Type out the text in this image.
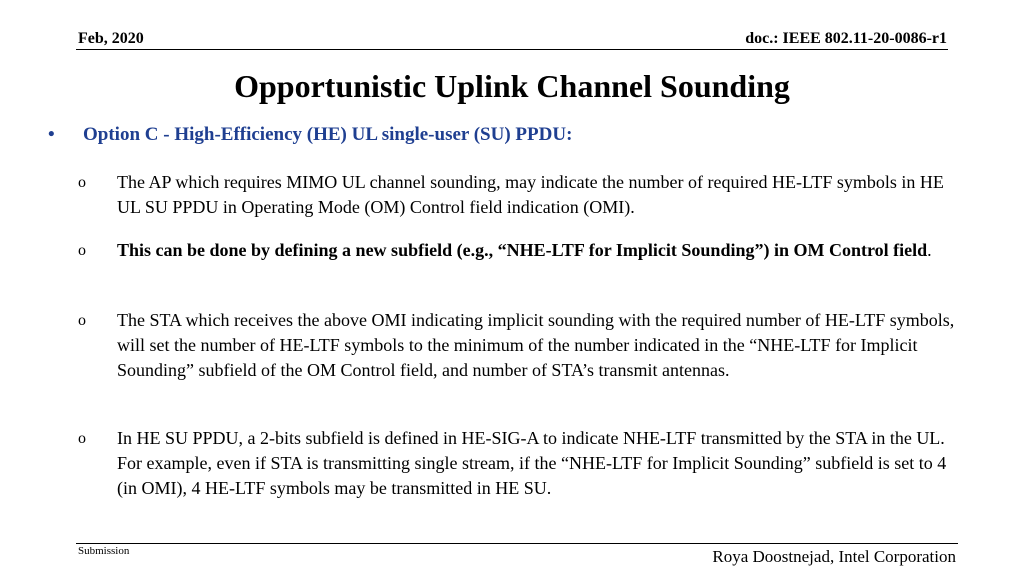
Feb, 2020	doc.: IEEE 802.11-20-0086-r1
Opportunistic Uplink Channel Sounding
• Option C - High-Efficiency (HE) UL single-user (SU) PPDU:
o The AP which requires MIMO UL channel sounding, may indicate the number of required HE-LTF symbols in HE UL SU PPDU in Operating Mode (OM) Control field indication (OMI).
o This can be done by defining a new subfield (e.g., “NHE-LTF for Implicit Sounding”) in OM Control field.
o The STA which receives the above OMI indicating implicit sounding with the required number of HE-LTF symbols, will set the number of HE-LTF symbols to the minimum of the number indicated in the “NHE-LTF for Implicit Sounding” subfield of the OM Control field, and number of STA’s transmit antennas.
o In HE SU PPDU, a 2-bits subfield is defined in HE-SIG-A to indicate NHE-LTF transmitted by the STA in the UL. For example, even if STA is transmitting single stream, if the “NHE-LTF for Implicit Sounding” subfield is set to 4 (in OMI), 4 HE-LTF symbols may be transmitted in HE SU.
Submission	Roya Doostnejad, Intel Corporation
